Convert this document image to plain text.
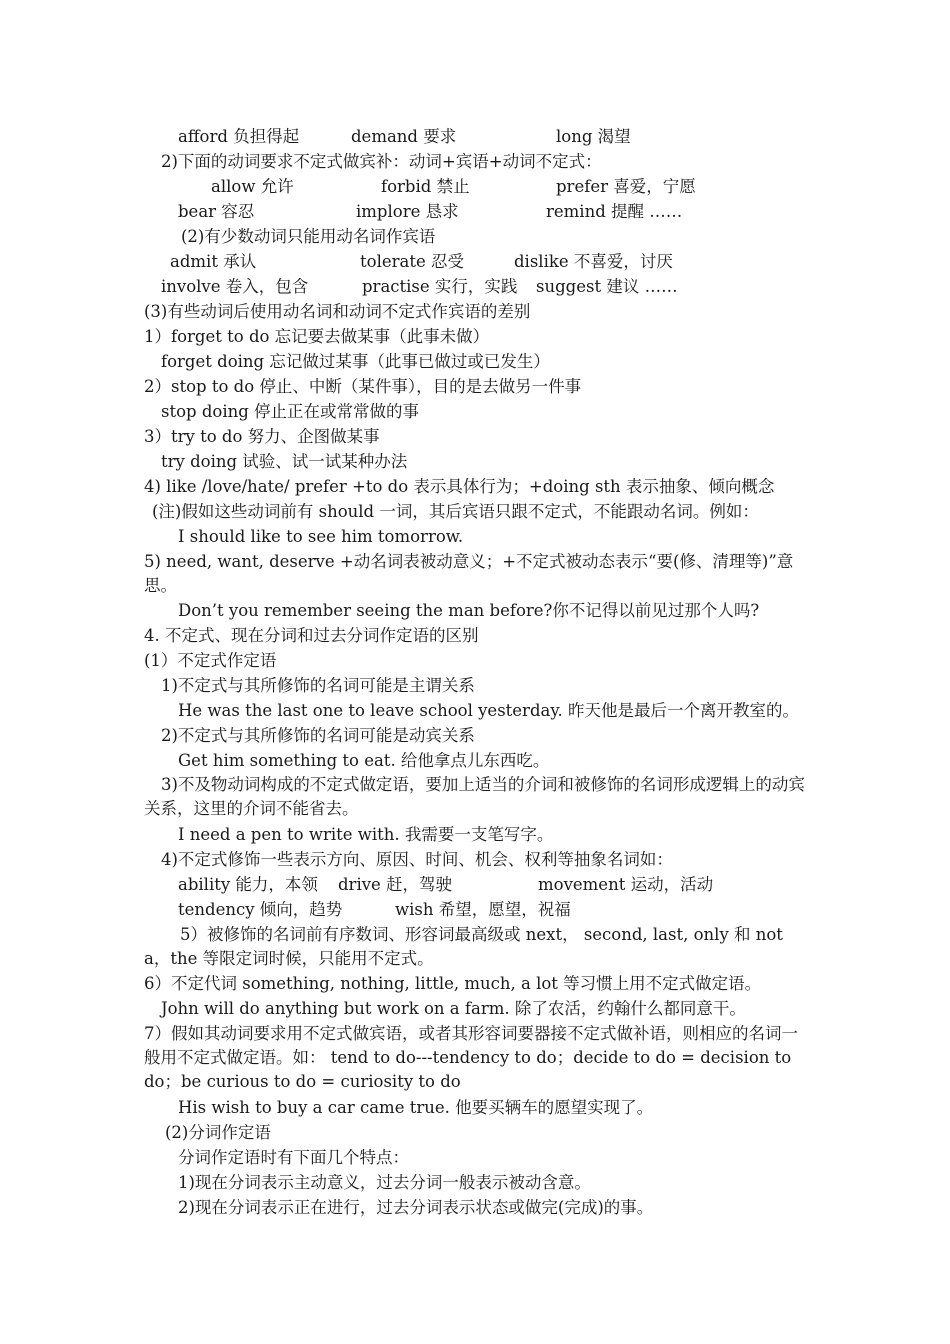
afford 负担得起	demand 要求	long 渴望
2)下面的动词要求不定式做宾补：动词+宾语+动词不定式：
allow 允许	forbid 禁止	prefer 喜爱，宁愿
bear 容忍	implore 恳求	remind 提醒 ……
(2)有少数动词只能用动名词作宾语
admit 承认	tolerate 忍受	dislike 不喜爱，讨厌
involve 卷入，包含	practise 实行，实践 suggest 建议 ……
(3)有些动词后使用动名词和动词不定式作宾语的差别
1）forget to do 忘记要去做某事（此事未做）
forget doing 忘记做过某事（此事已做过或已发生）
2）stop to do 停止、中断（某件事），目的是去做另一件事
stop doing 停止正在或常常做的事
3）try to do 努力、企图做某事
try doing 试验、试一试某种办法
4) like /love/hate/ prefer +to do 表示具体行为；+doing sth 表示抽象、倾向概念
(注)假如这些动词前有 should 一词，其后宾语只跟不定式，不能跟动名词。例如：
I should like to see him tomorrow.
5) need, want, deserve +动名词表被动意义；+不定式被动态表示“要(修、清理等)”意思。
Don’t you remember seeing the man before?你不记得以前见过那个人吗?
4. 不定式、现在分词和过去分词作定语的区别
(1）不定式作定语
1)不定式与其所修饰的名词可能是主谓关系
He was the last one to leave school yesterday. 昨天他是最后一个离开教室的。
2)不定式与其所修饰的名词可能是动宾关系
Get him something to eat. 给他拿点儿东西吃。
3)不及物动词构成的不定式做定语，要加上适当的介词和被修饰的名词形成逻辑上的动宾关系，这里的介词不能省去。
I need a pen to write with. 我需要一支笔写字。
4)不定式修饰一些表示方向、原因、时间、机会、权利等抽象名词如：
ability 能力，本领 drive 赶，驾驶	movement 运动，活动
tendency 倾向，趋势	wish 希望，愿望，祝福
5）被修饰的名词前有序数词、形容词最高级或 next， second, last, only 和 not a，the 等限定词时候，只能用不定式。
6）不定代词 something, nothing, little, much, a lot 等习惯上用不定式做定语。
John will do anything but work on a farm. 除了农活，约翰什么都同意干。
7）假如其动词要求用不定式做宾语，或者其形容词要器接不定式做补语，则相应的名词一般用不定式做定语。如： tend to do---tendency to do；decide to do = decision to do；be curious to do = curiosity to do
His wish to buy a car came true. 他要买辆车的愿望实现了。
(2)分词作定语
分词作定语时有下面几个特点：
1)现在分词表示主动意义，过去分词一般表示被动含意。
2)现在分词表示正在进行，过去分词表示状态或做完(完成)的事。
